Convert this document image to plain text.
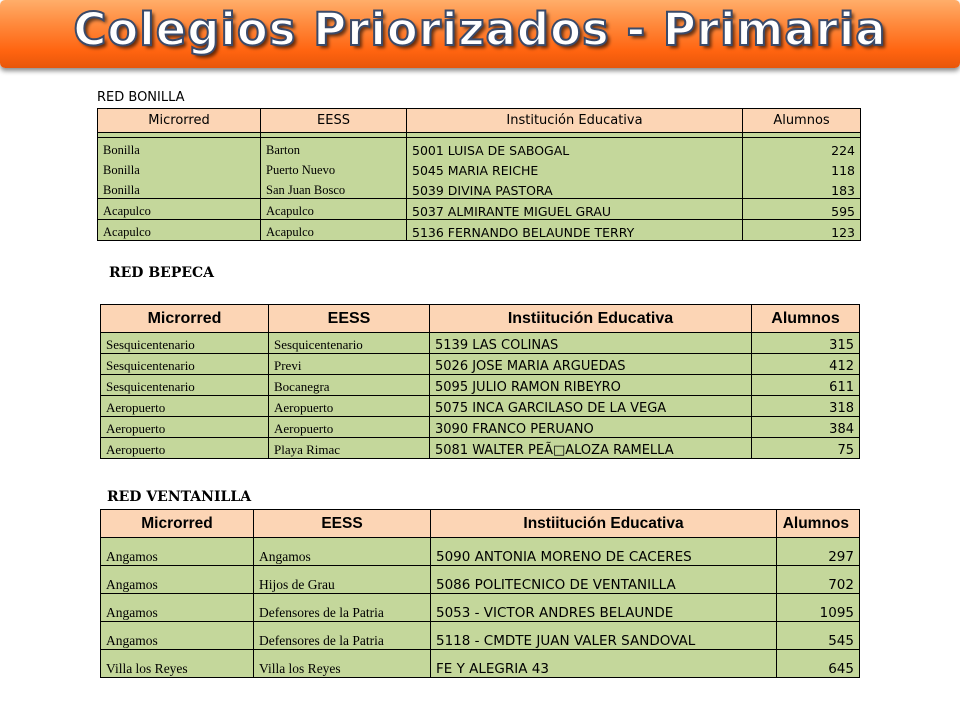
Colegios Priorizados - Primaria
RED BONILLA
Microrred	EESS	Institución Educativa	Alumnos

Bonilla	Barton	5001 LUISA DE SABOGAL	224
Bonilla	Puerto Nuevo	5045 MARIA REICHE	118
Bonilla	San Juan Bosco	5039 DIVINA PASTORA	183
Acapulco	Acapulco	5037 ALMIRANTE MIGUEL GRAU	595
Acapulco	Acapulco	5136 FERNANDO BELAUNDE TERRY	123
RED BEPECA
Microrred	EESS	Instiitución Educativa	Alumnos
Sesquicentenario	Sesquicentenario	5139 LAS COLINAS	315
Sesquicentenario	Previ	5026 JOSE MARIA ARGUEDAS	412
Sesquicentenario	Bocanegra	5095 JULIO RAMON RIBEYRO	611
Aeropuerto	Aeropuerto	5075 INCA GARCILASO DE LA VEGA	318
Aeropuerto	Aeropuerto	3090 FRANCO PERUANO	384
Aeropuerto	Playa Rimac	5081 WALTER PEÃ□ALOZA RAMELLA	75
RED VENTANILLA
Microrred	EESS	Instiitución Educativa	Alumnos
Angamos	Angamos	5090 ANTONIA MORENO DE CACERES	297
Angamos	Hijos de Grau	5086 POLITECNICO DE VENTANILLA	702
Angamos	Defensores de la Patria	5053 - VICTOR ANDRES BELAUNDE	1095
Angamos	Defensores de la Patria	5118 - CMDTE JUAN VALER SANDOVAL	545
Villa los Reyes	Villa los Reyes	FE Y ALEGRIA 43	645
